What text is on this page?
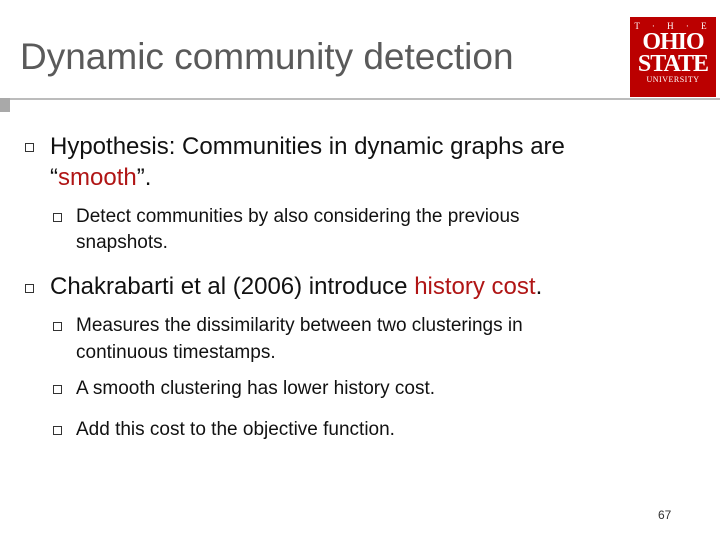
Dynamic community detection
T · H · E
OHIO
STATE
UNIVERSITY
Hypothesis: Communities in dynamic graphs are
“smooth”.
Detect communities by also considering the previous
snapshots.
Chakrabarti et al (2006) introduce history cost.
Measures the dissimilarity between two clusterings in
continuous timestamps.
A smooth clustering has lower history cost.
Add this cost to the objective function.
67
